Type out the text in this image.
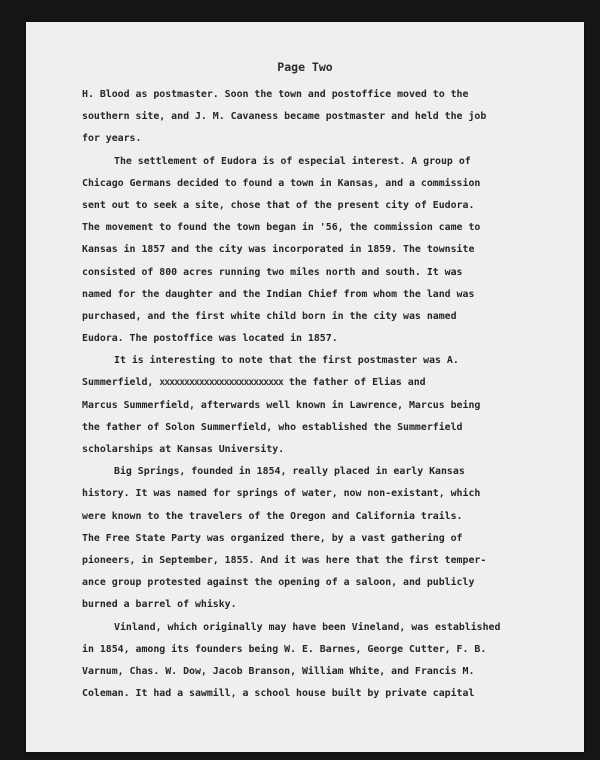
Page Two
H. Blood as postmaster. Soon the town and postoffice moved to the
southern site, and J. M. Cavaness became postmaster and held the job
for years.
The settlement of Eudora is of especial interest. A group of
Chicago Germans decided to found a town in Kansas, and a commission
sent out to seek a site, chose that of the present city of Eudora.
The movement to found the town began in '56, the commission came to
Kansas in 1857 and the city was incorporated in 1859. The townsite
consisted of 800 acres running two miles north and south. It was
named for the daughter and the Indian Chief from whom the land was
purchased, and the first white child born in the city was named
Eudora. The postoffice was located in 1857.
It is interesting to note that the first postmaster was A.
Summerfield, xxxxxxxxxxxxxxxxxxxxxxxxx the father of Elias and
Marcus Summerfield, afterwards well known in Lawrence, Marcus being
the father of Solon Summerfield, who established the Summerfield
scholarships at Kansas University.
Big Springs, founded in 1854, really placed in early Kansas
history. It was named for springs of water, now non-existant, which
were known to the travelers of the Oregon and California trails.
The Free State Party was organized there, by a vast gathering of
pioneers, in September, 1855. And it was here that the first temper-
ance group protested against the opening of a saloon, and publicly
burned a barrel of whisky.
Vinland, which originally may have been Vineland, was established
in 1854, among its founders being W. E. Barnes, George Cutter, F. B.
Varnum, Chas. W. Dow, Jacob Branson, William White, and Francis M.
Coleman. It had a sawmill, a school house built by private capital
